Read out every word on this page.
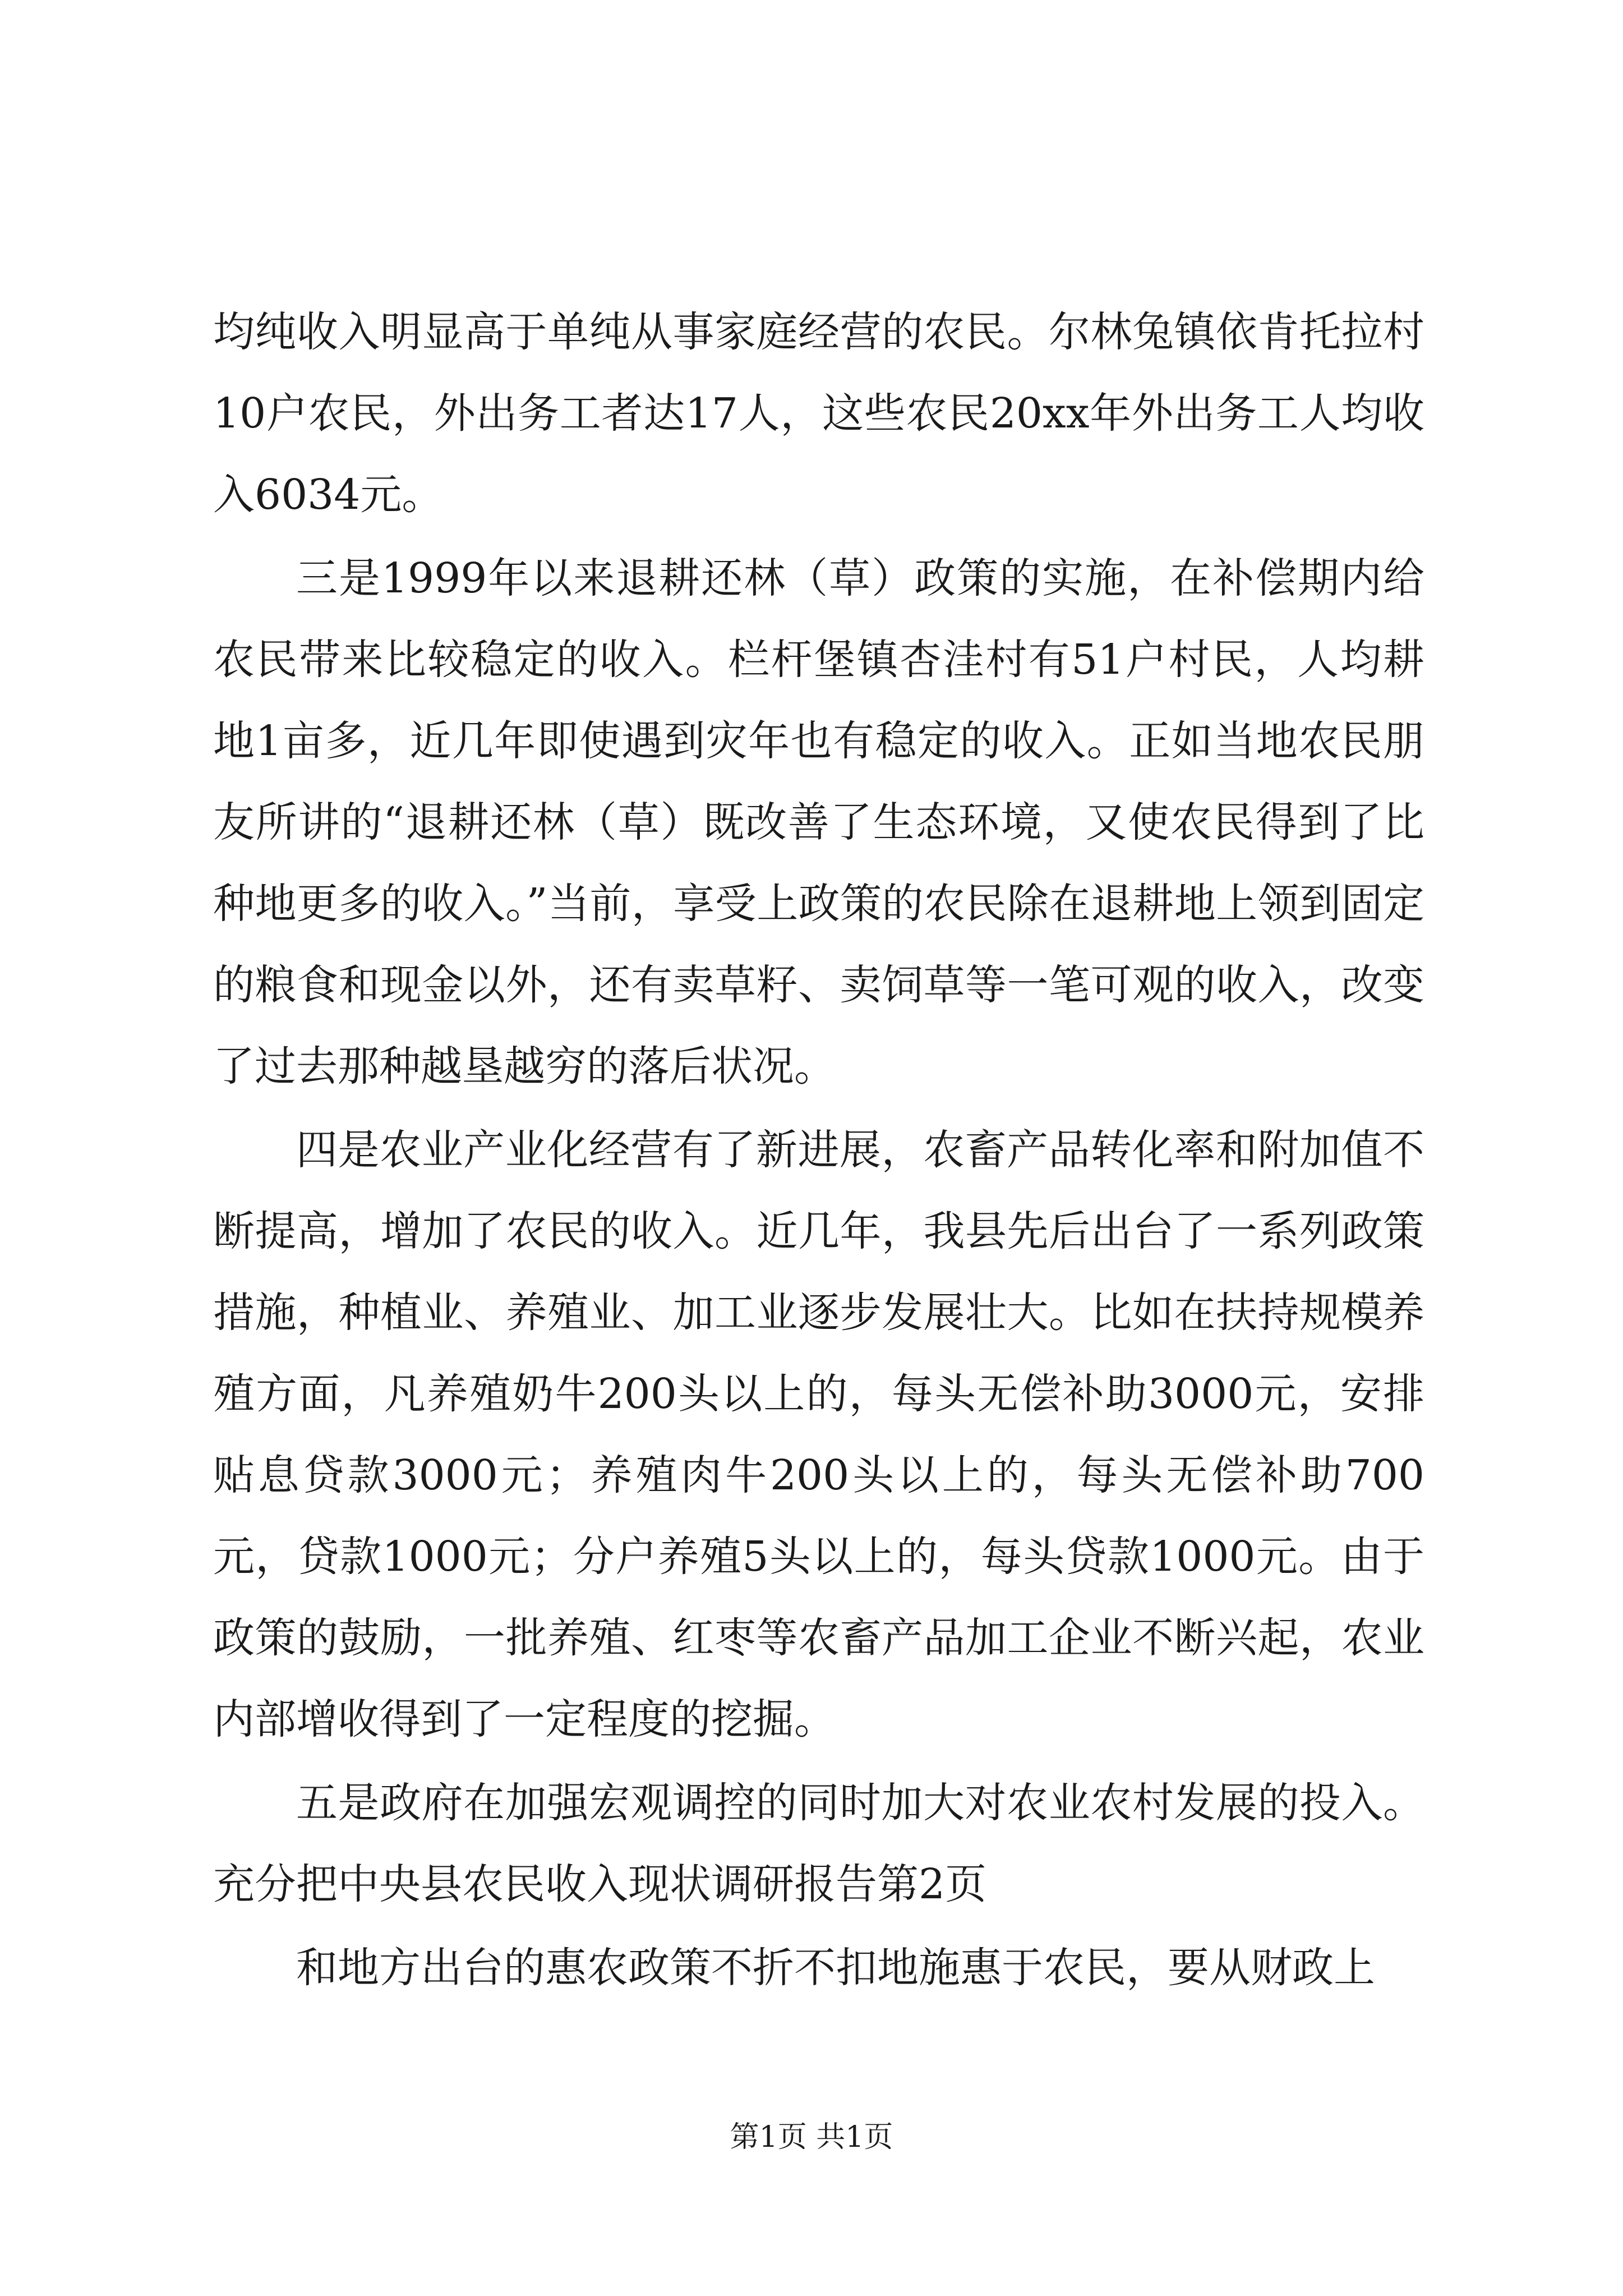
均纯收入明显高于单纯从事家庭经营的农民。尔林兔镇依肯托拉村10户农民，外出务工者达17人，这些农民20xx年外出务工人均收入6034元。

三是1999年以来退耕还林（草）政策的实施，在补偿期内给农民带来比较稳定的收入。栏杆堡镇杏洼村有51户村民，人均耕地1亩多，近几年即使遇到灾年也有稳定的收入。正如当地农民朋友所讲的“退耕还林（草）既改善了生态环境，又使农民得到了比种地更多的收入。”当前，享受上政策的农民除在退耕地上领到固定的粮食和现金以外，还有卖草籽、卖饲草等一笔可观的收入，改变了过去那种越垦越穷的落后状况。

四是农业产业化经营有了新进展，农畜产品转化率和附加值不断提高，增加了农民的收入。近几年，我县先后出台了一系列政策措施，种植业、养殖业、加工业逐步发展壮大。比如在扶持规模养殖方面，凡养殖奶牛200头以上的，每头无偿补助3000元，安排贴息贷款3000元；养殖肉牛200头以上的，每头无偿补助700元，贷款1000元；分户养殖5头以上的，每头贷款1000元。由于政策的鼓励，一批养殖、红枣等农畜产品加工企业不断兴起，农业内部增收得到了一定程度的挖掘。

五是政府在加强宏观调控的同时加大对农业农村发展的投入。充分把中央县农民收入现状调研报告第2页

和地方出台的惠农政策不折不扣地施惠于农民，要从财政上

第1页 共1页
